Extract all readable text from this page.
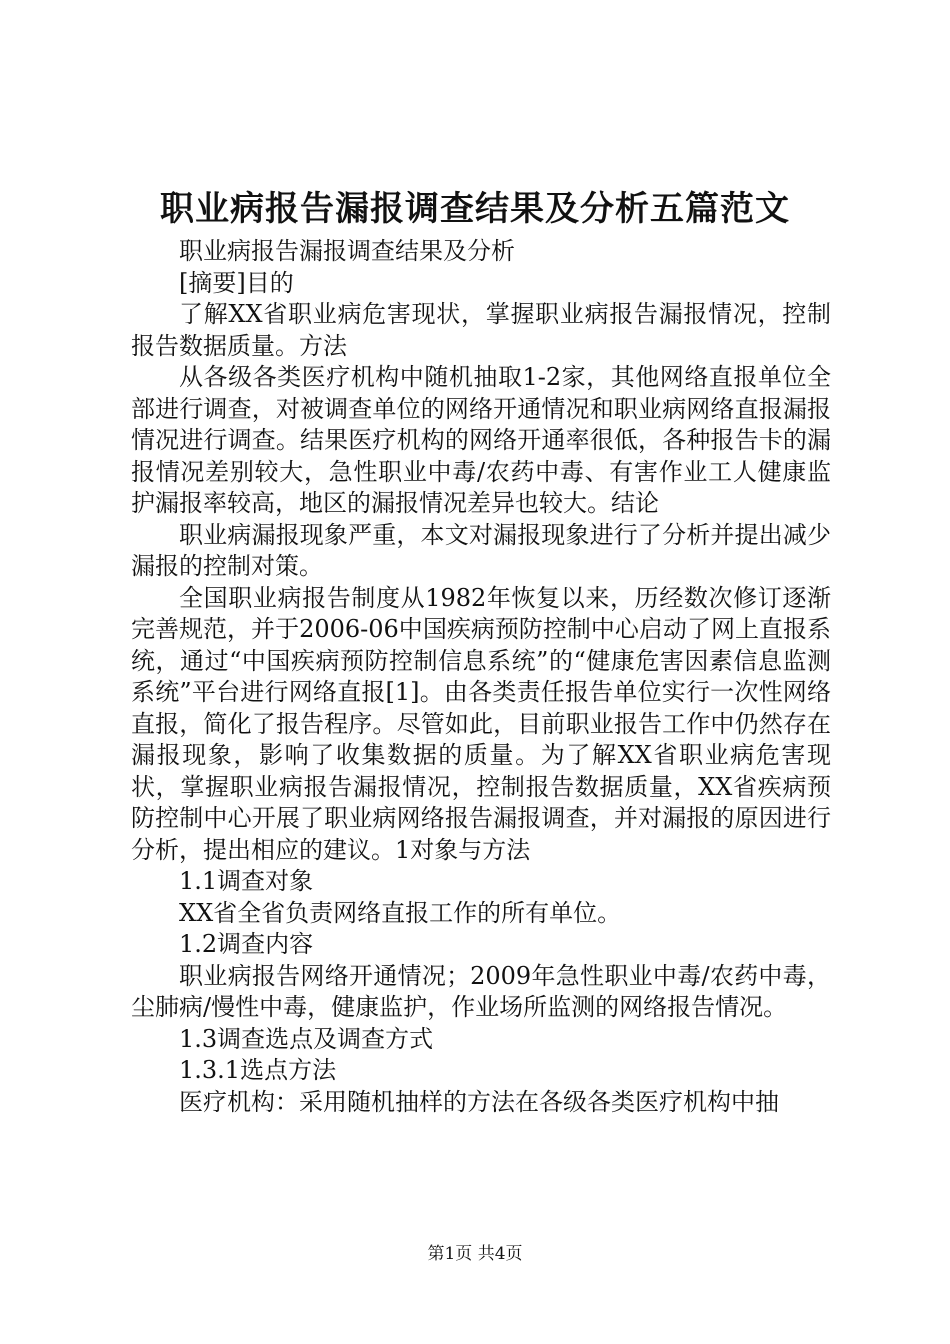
职业病报告漏报调查结果及分析五篇范文

职业病报告漏报调查结果及分析

[摘要]目的

了解XX省职业病危害现状，掌握职业病报告漏报情况，控制报告数据质量。方法

从各级各类医疗机构中随机抽取1-2家，其他网络直报单位全部进行调查，对被调查单位的网络开通情况和职业病网络直报漏报情况进行调查。结果医疗机构的网络开通率很低，各种报告卡的漏报情况差别较大，急性职业中毒/农药中毒、有害作业工人健康监护漏报率较高，地区的漏报情况差异也较大。结论

职业病漏报现象严重，本文对漏报现象进行了分析并提出减少漏报的控制对策。

全国职业病报告制度从1982年恢复以来，历经数次修订逐渐完善规范，并于2006-06中国疾病预防控制中心启动了网上直报系统，通过“中国疾病预防控制信息系统”的“健康危害因素信息监测系统”平台进行网络直报[1]。由各类责任报告单位实行一次性网络直报，简化了报告程序。尽管如此，目前职业报告工作中仍然存在漏报现象，影响了收集数据的质量。为了解XX省职业病危害现状，掌握职业病报告漏报情况，控制报告数据质量，XX省疾病预防控制中心开展了职业病网络报告漏报调查，并对漏报的原因进行分析，提出相应的建议。1对象与方法

1.1调查对象

XX省全省负责网络直报工作的所有单位。

1.2调查内容

职业病报告网络开通情况；2009年急性职业中毒/农药中毒，尘肺病/慢性中毒，健康监护，作业场所监测的网络报告情况。

1.3调查选点及调查方式

1.3.1选点方法

医疗机构：采用随机抽样的方法在各级各类医疗机构中抽

第1页 共4页
